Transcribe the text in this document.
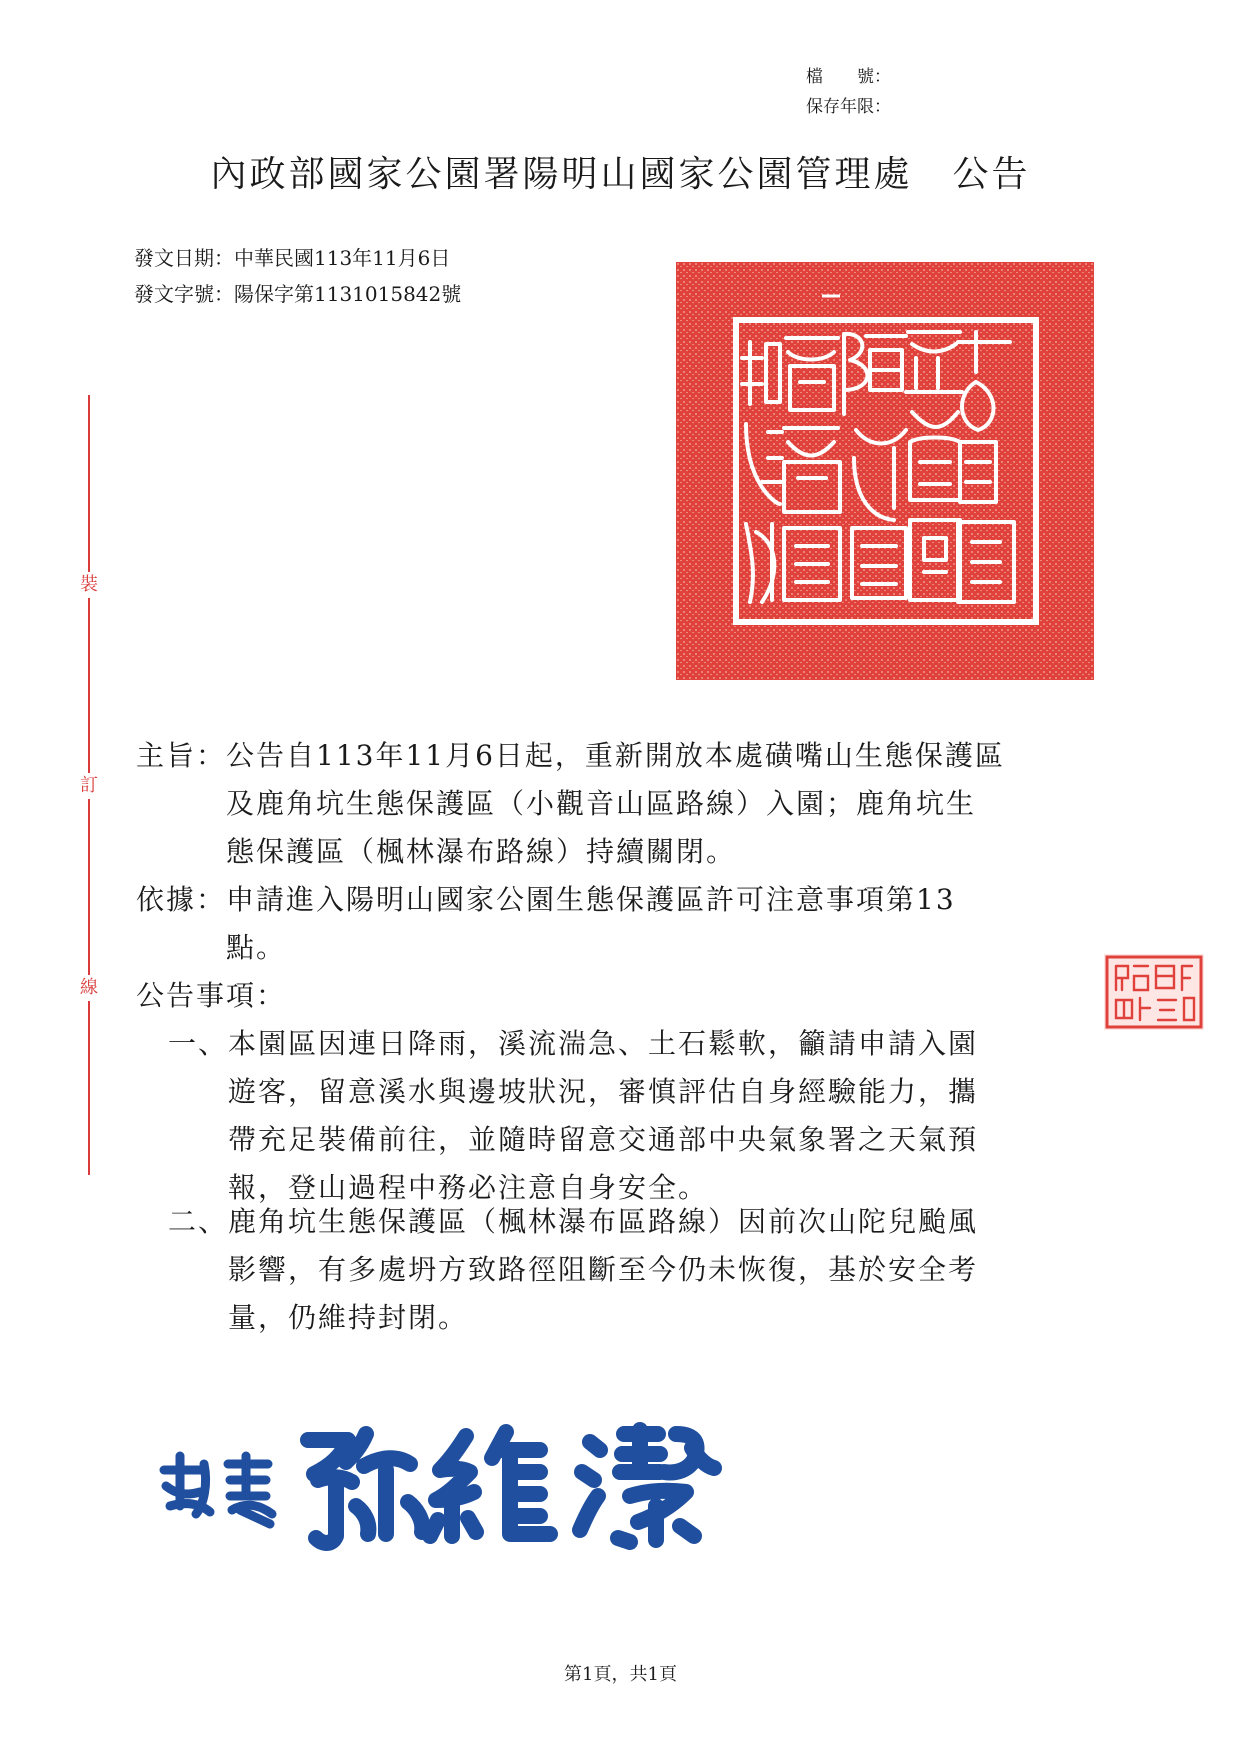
檔　　號：
保存年限：
內政部國家公園署陽明山國家公園管理處 公告
發文日期：中華民國113年11月6日
發文字號：陽保字第1131015842號
裝
訂
線
主旨： 公告自113年11月6日起，重新開放本處磺嘴山生態保護區
及鹿角坑生態保護區（小觀音山區路線）入園；鹿角坑生
態保護區（楓林瀑布路線）持續關閉。
依據： 申請進入陽明山國家公園生態保護區許可注意事項第13
點。
公告事項：
一、 本園區因連日降雨，溪流湍急、土石鬆軟，籲請申請入園
遊客，留意溪水與邊坡狀況，審慎評估自身經驗能力，攜
帶充足裝備前往，並隨時留意交通部中央氣象署之天氣預
報，登山過程中務必注意自身安全。
二、 鹿角坑生態保護區（楓林瀑布區路線）因前次山陀兒颱風
影響，有多處坍方致路徑阻斷至今仍未恢復，基於安全考
量，仍維持封閉。
第1頁，共1頁
